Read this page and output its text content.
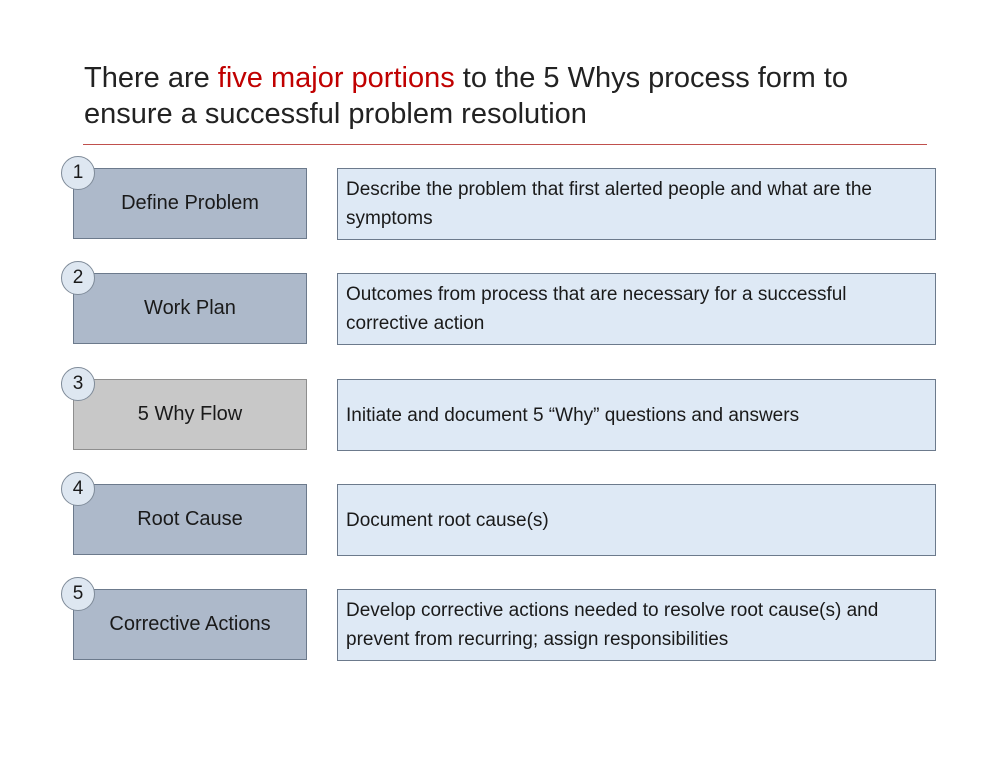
There are five major portions to the 5 Whys process form to ensure a successful problem resolution
1
Define Problem
Describe the problem that first alerted people and what are the symptoms
2
Work Plan
Outcomes from process that are necessary for a successful corrective action
3
5 Why Flow	Initiate and document 5 “Why” questions and answers
4
Root Cause	Document root cause(s)
5
Corrective Actions
Develop corrective actions needed to resolve root cause(s) and prevent from recurring; assign responsibilities
